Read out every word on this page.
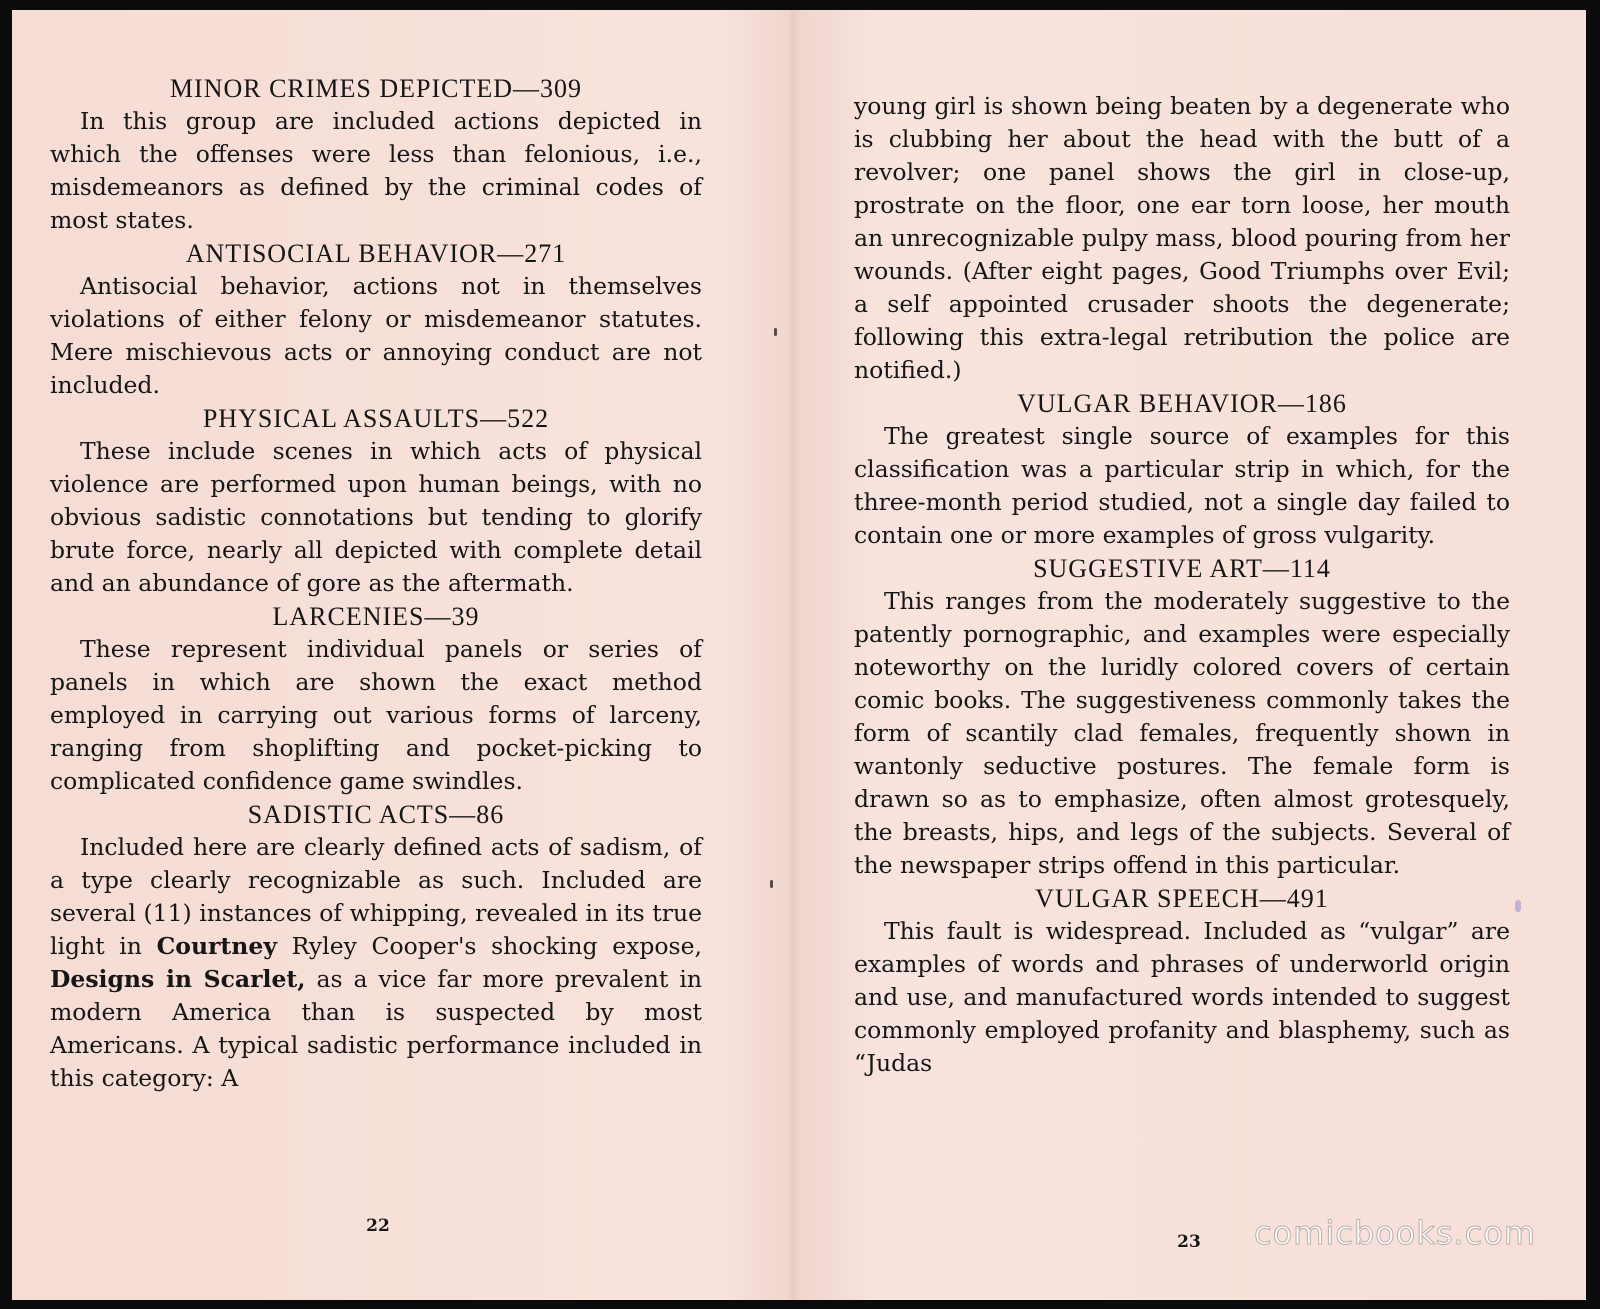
MINOR CRIMES DEPICTED—309
In this group are included actions depicted in which the offenses were less than felonious, i.e., misdemeanors as defined by the criminal codes of most states.
ANTISOCIAL BEHAVIOR—271
Antisocial behavior, actions not in themselves violations of either felony or misdemeanor statutes. Mere mischievous acts or annoying conduct are not included.
PHYSICAL ASSAULTS—522
These include scenes in which acts of physical violence are performed upon human beings, with no obvious sadistic connotations but tending to glorify brute force, nearly all depicted with complete detail and an abundance of gore as the aftermath.
LARCENIES—39
These represent individual panels or series of panels in which are shown the exact method employed in carrying out various forms of larceny, ranging from shoplifting and pocket-picking to complicated confidence game swindles.
SADISTIC ACTS—86
Included here are clearly defined acts of sadism, of a type clearly recognizable as such. Included are several (11) instances of whipping, revealed in its true light in Courtney Ryley Cooper's shocking expose, Designs in Scarlet, as a vice far more prevalent in modern America than is suspected by most Americans. A typical sadistic performance included in this category: A
22
young girl is shown being beaten by a degenerate who is clubbing her about the head with the butt of a revolver; one panel shows the girl in close-up, prostrate on the floor, one ear torn loose, her mouth an unrecognizable pulpy mass, blood pouring from her wounds. (After eight pages, Good Triumphs over Evil; a self appointed crusader shoots the degenerate; following this extra-legal retribution the police are notified.)
VULGAR BEHAVIOR—186
The greatest single source of examples for this classification was a particular strip in which, for the three-month period studied, not a single day failed to contain one or more examples of gross vulgarity.
SUGGESTIVE ART—114
This ranges from the moderately suggestive to the patently pornographic, and examples were especially noteworthy on the luridly colored covers of certain comic books. The suggestiveness commonly takes the form of scantily clad females, frequently shown in wantonly seductive postures. The female form is drawn so as to emphasize, often almost grotesquely, the breasts, hips, and legs of the subjects. Several of the newspaper strips offend in this particular.
VULGAR SPEECH—491
This fault is widespread. Included as “vulgar” are examples of words and phrases of underworld origin and use, and manufactured words intended to suggest commonly employed profanity and blasphemy, such as “Judas
23	comicbooks.com
